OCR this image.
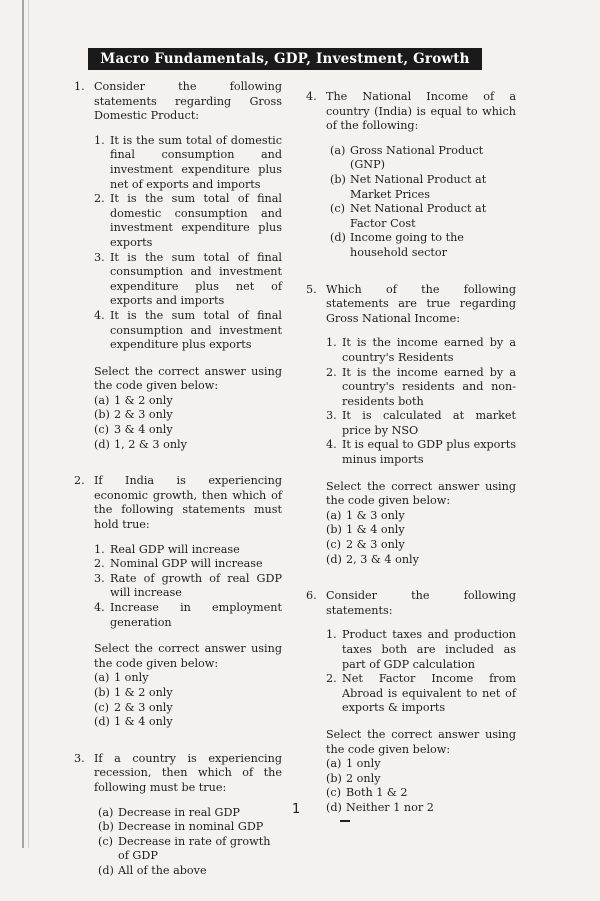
Macro Fundamentals, GDP, Investment, Growth
1. Consider the following statements regarding Gross Domestic Product:
1. It is the sum total of domestic final consumption and investment expenditure plus net of exports and imports
2. It is the sum total of final domestic consumption and investment expenditure plus exports
3. It is the sum total of final consumption and investment expenditure plus net of exports and imports
4. It is the sum total of final consumption and investment expenditure plus exports
Select the correct answer using the code given below:
(a) 1 & 2 only
(b) 2 & 3 only
(c) 3 & 4 only
(d) 1, 2 & 3 only
2. If India is experiencing economic growth, then which of the following statements must hold true:
1. Real GDP will increase
2. Nominal GDP will increase
3. Rate of growth of real GDP will increase
4. Increase in employment generation
Select the correct answer using the code given below:
(a) 1 only
(b) 1 & 2 only
(c) 2 & 3 only
(d) 1 & 4 only
3. If a country is experiencing recession, then which of the following must be true:
(a) Decrease in real GDP
(b) Decrease in nominal GDP
(c) Decrease in rate of growth of GDP
(d) All of the above
4. The National Income of a country (India) is equal to which of the following:
(a) Gross National Product (GNP)
(b) Net National Product at Market Prices
(c) Net National Product at Factor Cost
(d) Income going to the household sector
5. Which of the following statements are true regarding Gross National Income:
1. It is the income earned by a country's Residents
2. It is the income earned by a country's residents and non-residents both
3. It is calculated at market price by NSO
4. It is equal to GDP plus exports minus imports
Select the correct answer using the code given below:
(a) 1 & 3 only
(b) 1 & 4 only
(c) 2 & 3 only
(d) 2, 3 & 4 only
6. Consider the following statements:
1. Product taxes and production taxes both are included as part of GDP calculation
2. Net Factor Income from Abroad is equivalent to net of exports & imports
Select the correct answer using the code given below:
(a) 1 only
(b) 2 only
(c) Both 1 & 2
(d) Neither 1 nor 2
1
